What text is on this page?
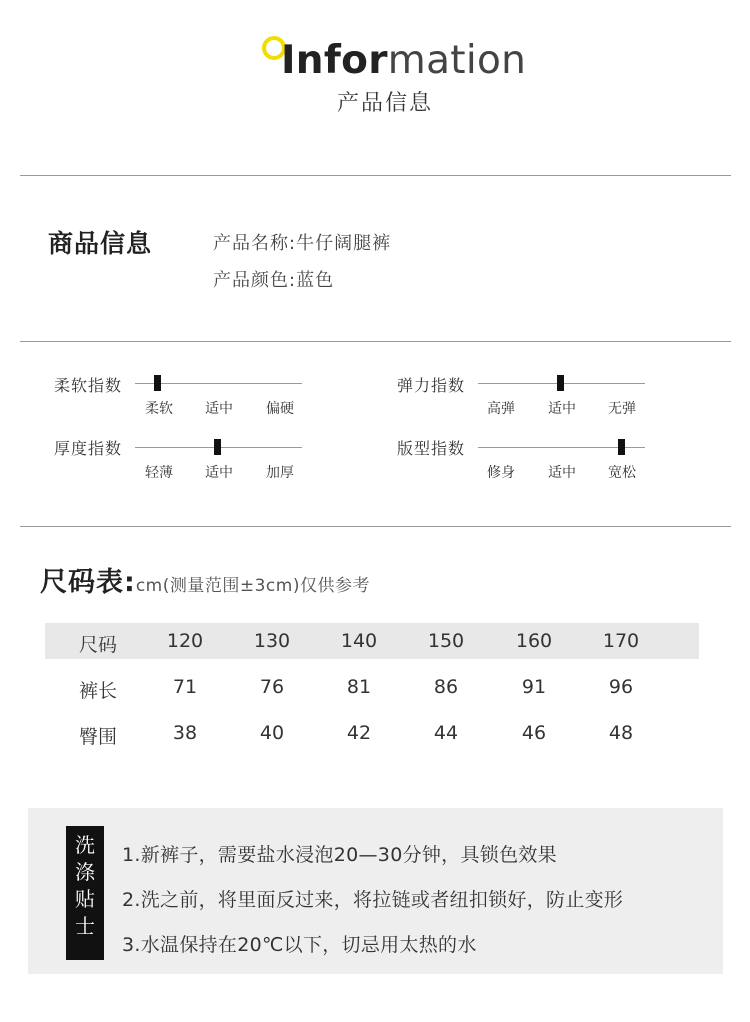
Information
产品信息
商品信息	产品名称:牛仔阔腿裤
产品颜色:蓝色
柔软指数
柔软	适中	偏硬
弹力指数
高弹	适中	无弹
厚度指数
轻薄	适中	加厚
版型指数
修身	适中	宽松
尺码表:cm(测量范围±3cm)仅供参考
尺码	120	130	140	150	160	170
裤长	71	76	81	86	91	96
臀围	38	40	42	44	46	48
洗
涤
贴
士
1.新裤子，需要盐水浸泡20—30分钟，具锁色效果
2.洗之前，将里面反过来，将拉链或者纽扣锁好，防止变形
3.水温保持在20℃以下，切忌用太热的水
